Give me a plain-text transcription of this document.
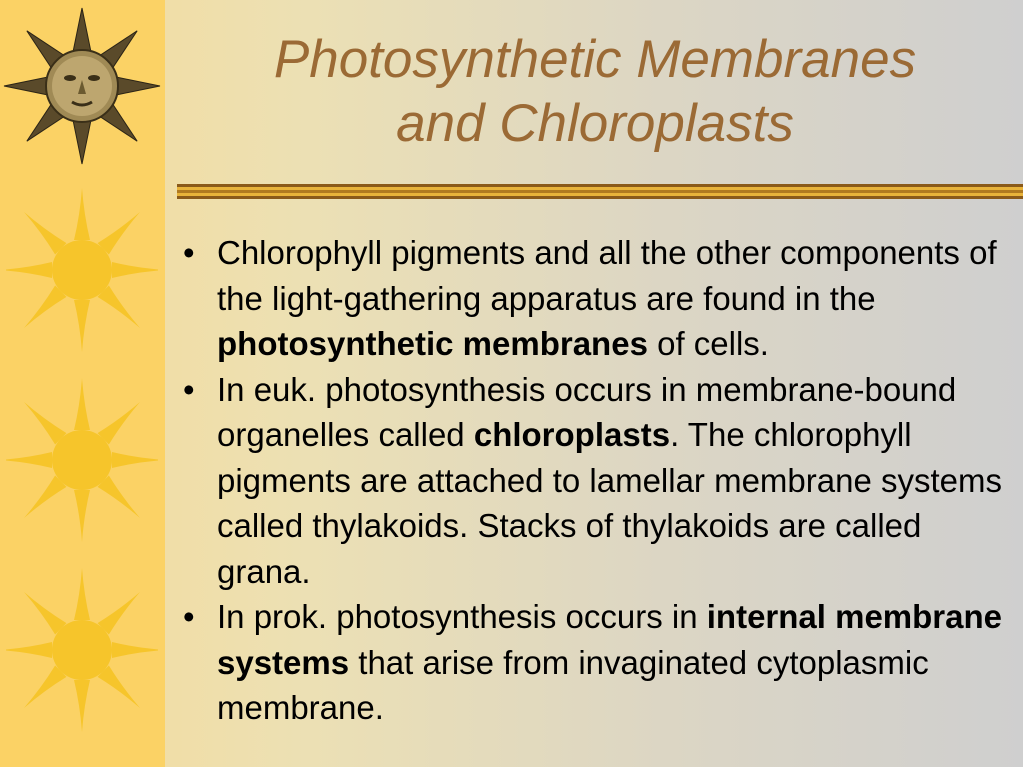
Photosynthetic Membranes
and Chloroplasts
• Chlorophyll pigments and all the other components of the light-gathering apparatus are found in the photosynthetic membranes of cells.
• In euk. photosynthesis occurs in membrane-bound organelles called chloroplasts. The chlorophyll pigments are attached to lamellar membrane systems called thylakoids. Stacks of thylakoids are called grana.
• In prok. photosynthesis occurs in internal membrane systems that arise from invaginated cytoplasmic membrane.
